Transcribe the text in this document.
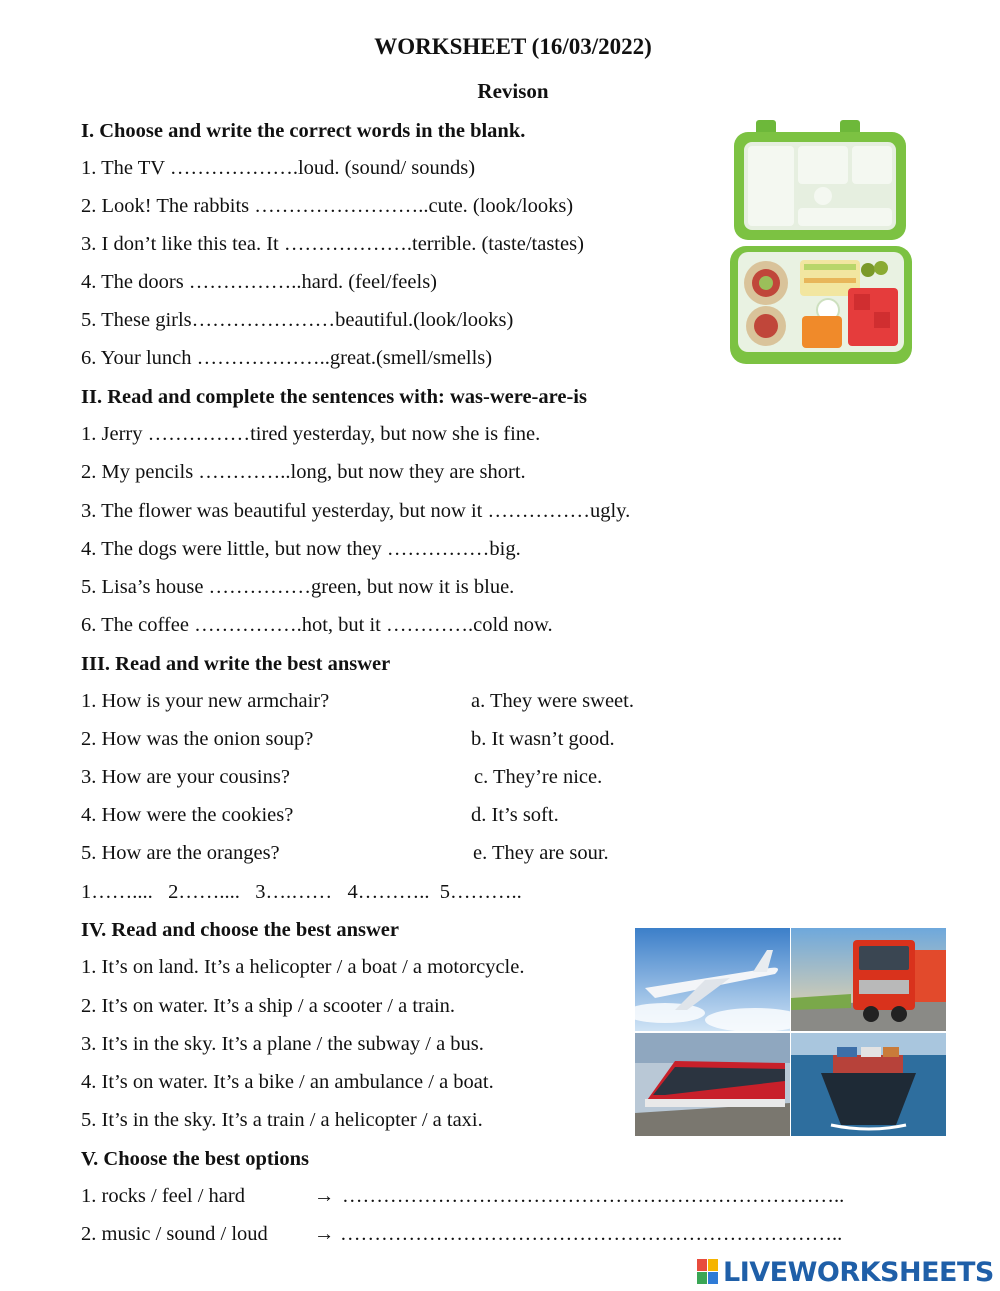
WORKSHEET (16/03/2022)
Revison
I. Choose and write the correct words in the blank.
1. The TV ……………….loud. (sound/ sounds)
2. Look! The rabbits ……………………..cute. (look/looks)
3. I don’t like this tea. It ……………….terrible. (taste/tastes)
4. The doors ……………..hard. (feel/feels)
5. These girls…………………beautiful.(look/looks)
6. Your lunch ………………..great.(smell/smells)
II. Read and complete the sentences with: was-were-are-is
1. Jerry ……………tired yesterday, but now she is fine.
2. My pencils …………..long, but now they are short.
3. The flower was beautiful yesterday, but now it ……………ugly.
4. The dogs were little, but now they ……………big.
5. Lisa’s house ……………green, but now it is blue.
6. The coffee …………….hot, but it ………….cold now.
III. Read and write the best answer
1. How is your new armchair?
2. How was the onion soup?
3. How are your cousins?
4. How were the cookies?
5. How are the oranges?
a. They were sweet.
b. It wasn’t good.
c. They’re nice.
d. It’s soft.
e. They are sour.
1……....   2……....   3….……   4………..  5………..
IV. Read and choose the best answer
1. It’s on land. It’s a helicopter / a boat / a motorcycle.
2. It’s on water. It’s a ship / a scooter / a train.
3. It’s in the sky. It’s a plane / the subway / a bus.
4. It’s on water. It’s a bike / an ambulance / a boat.
5. It’s in the sky. It’s a train / a helicopter / a taxi.
V. Choose the best options
1. rocks / feel / hard	→ ………………………………………………………………..
2. music / sound / loud → ………………………………………………………………..
LIVEWORKSHEETS
